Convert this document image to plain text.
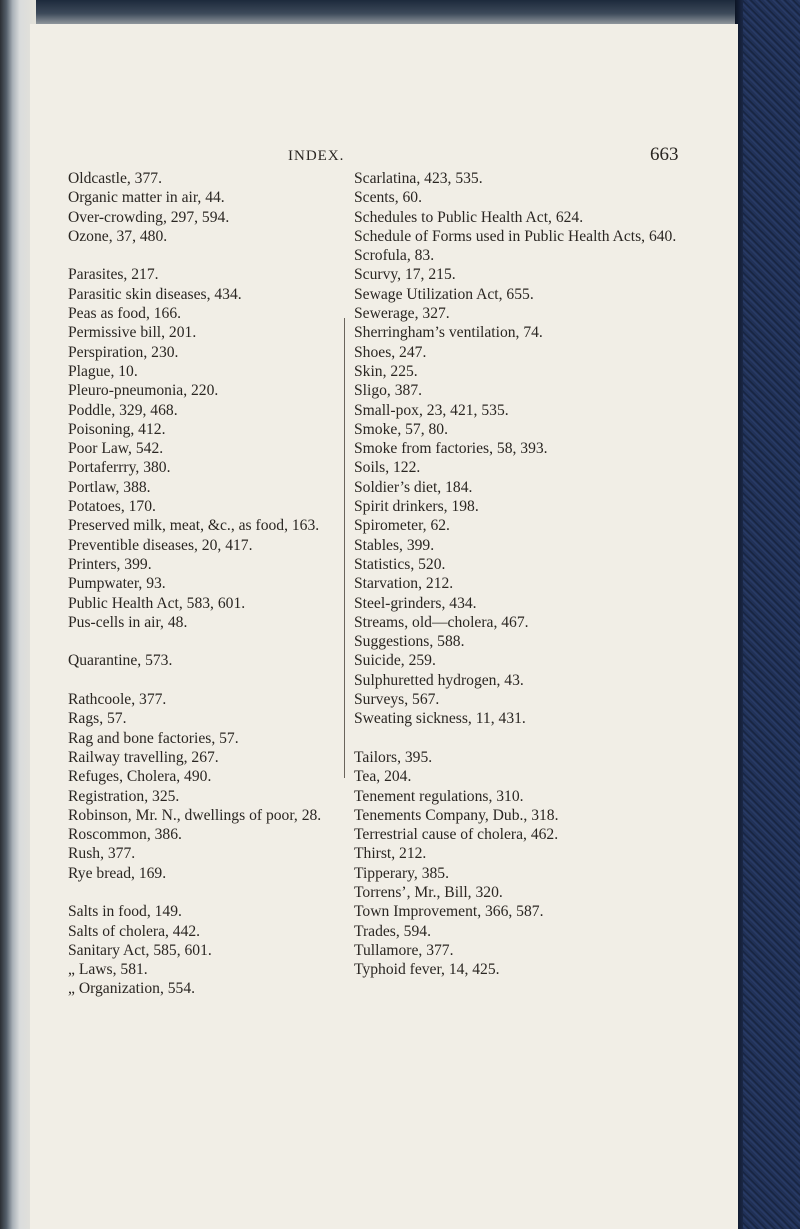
INDEX.	663

Oldcastle, 377.

Organic matter in air, 44.

Over-crowding, 297, 594.

Ozone, 37, 480.

Parasites, 217.

Parasitic skin diseases, 434.

Peas as food, 166.

Permissive bill, 201.

Perspiration, 230.

Plague, 10.

Pleuro-pneumonia, 220.

Poddle, 329, 468.

Poisoning, 412.

Poor Law, 542.

Portaferrry, 380.

Portlaw, 388.

Potatoes, 170.

Preserved milk, meat, &c., as food, 163.

Preventible diseases, 20, 417.

Printers, 399.

Pumpwater, 93.

Public Health Act, 583, 601.

Pus-cells in air, 48.

Quarantine, 573.

Rathcoole, 377.

Rags, 57.

Rag and bone factories, 57.

Railway travelling, 267.

Refuges, Cholera, 490.

Registration, 325.

Robinson, Mr. N., dwellings of poor, 28.

Roscommon, 386.

Rush, 377.

Rye bread, 169.

Salts in food, 149.

Salts of cholera, 442.

Sanitary Act, 585, 601.

„ Laws, 581.

„ Organization, 554.

Scarlatina, 423, 535.

Scents, 60.

Schedules to Public Health Act, 624.

Schedule of Forms used in Public Health Acts, 640.

Scrofula, 83.

Scurvy, 17, 215.

Sewage Utilization Act, 655.

Sewerage, 327.

Sherringham’s ventilation, 74.

Shoes, 247.

Skin, 225.

Sligo, 387.

Small-pox, 23, 421, 535.

Smoke, 57, 80.

Smoke from factories, 58, 393.

Soils, 122.

Soldier’s diet, 184.

Spirit drinkers, 198.

Spirometer, 62.

Stables, 399.

Statistics, 520.

Starvation, 212.

Steel-grinders, 434.

Streams, old—cholera, 467.

Suggestions, 588.

Suicide, 259.

Sulphuretted hydrogen, 43.

Surveys, 567.

Sweating sickness, 11, 431.

Tailors, 395.

Tea, 204.

Tenement regulations, 310.

Tenements Company, Dub., 318.

Terrestrial cause of cholera, 462.

Thirst, 212.

Tipperary, 385.

Torrens’, Mr., Bill, 320.

Town Improvement, 366, 587.

Trades, 594.

Tullamore, 377.

Typhoid fever, 14, 425.
